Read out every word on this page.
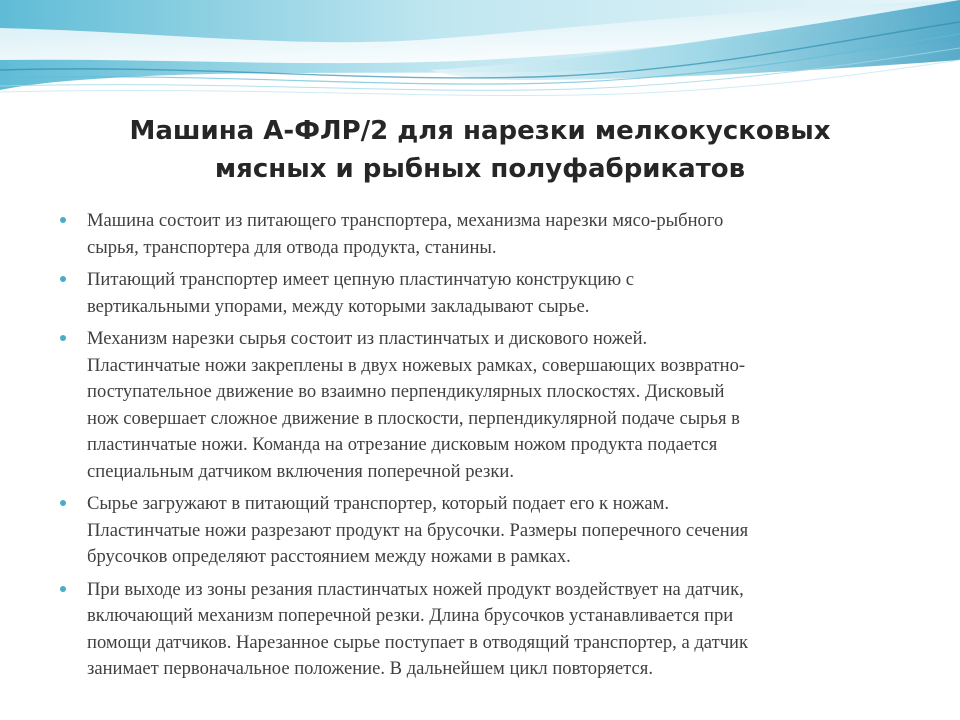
Машина А-ФЛР/2 для нарезки мелкокусковых
мясных и рыбных полуфабрикатов
Машина состоит из питающего транспортера, механизма нарезки мясо-рыбного
сырья, транспортера для отвода продукта, станины.
Питающий транспортер имеет цепную пластинчатую конструкцию с
вертикальными упорами, между которыми закладывают сырье.
Механизм нарезки сырья состоит из пластинчатых и дискового ножей.
Пластинчатые ножи закреплены в двух ножевых рамках, совершающих возвратно-
поступательное движение во взаимно перпендикулярных плоскостях. Дисковый
нож совершает сложное движение в плоскости, перпендикулярной подаче сырья в
пластинчатые ножи. Команда на отрезание дисковым ножом продукта подается
специальным датчиком включения поперечной резки.
Сырье загружают в питающий транспортер, который подает его к ножам.
Пластинчатые ножи разрезают продукт на брусочки. Размеры поперечного сечения
брусочков определяют расстоянием между ножами в рамках.
При выходе из зоны резания пластинчатых ножей продукт воздействует на датчик,
включающий механизм поперечной резки. Длина брусочков устанавливается при
помощи датчиков. Нарезанное сырье поступает в отводящий транспортер, а датчик
занимает первоначальное положение. В дальнейшем цикл повторяется.
